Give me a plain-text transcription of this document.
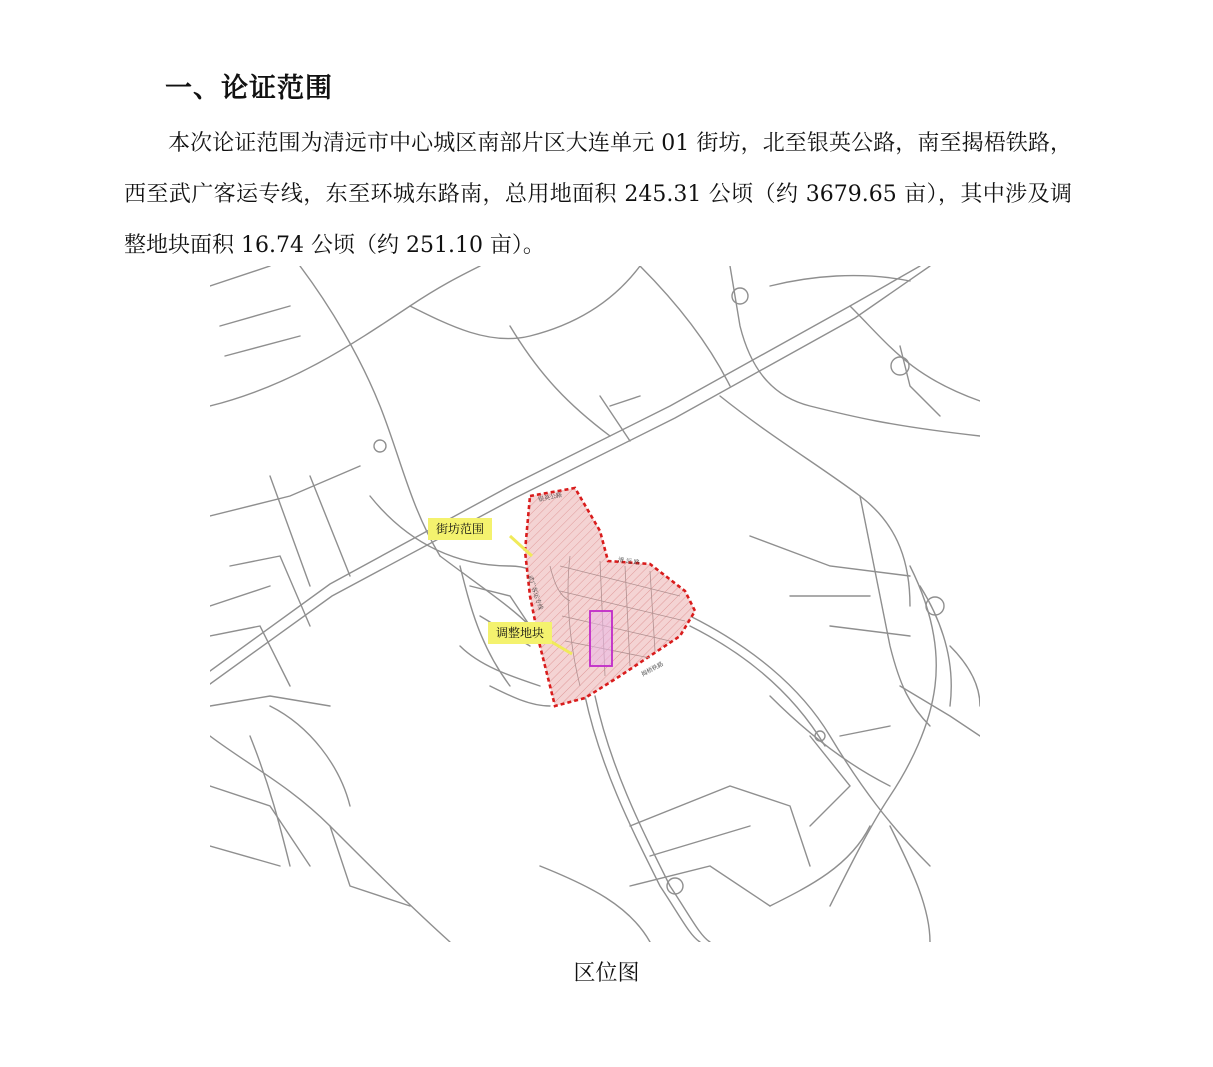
一、论证范围

本次论证范围为清远市中心城区南部片区大连单元 01 街坊，北至银英公路，南至揭梧铁路，西至武广客运专线，东至环城东路南，总用地面积 245.31 公顷（约 3679.65 亩），其中涉及调整地块面积 16.74 公顷（约 251.10 亩）。

街坊范围
调整地块
银英公路
清 远 路
武广客运专线
揭梧铁路
区位图
